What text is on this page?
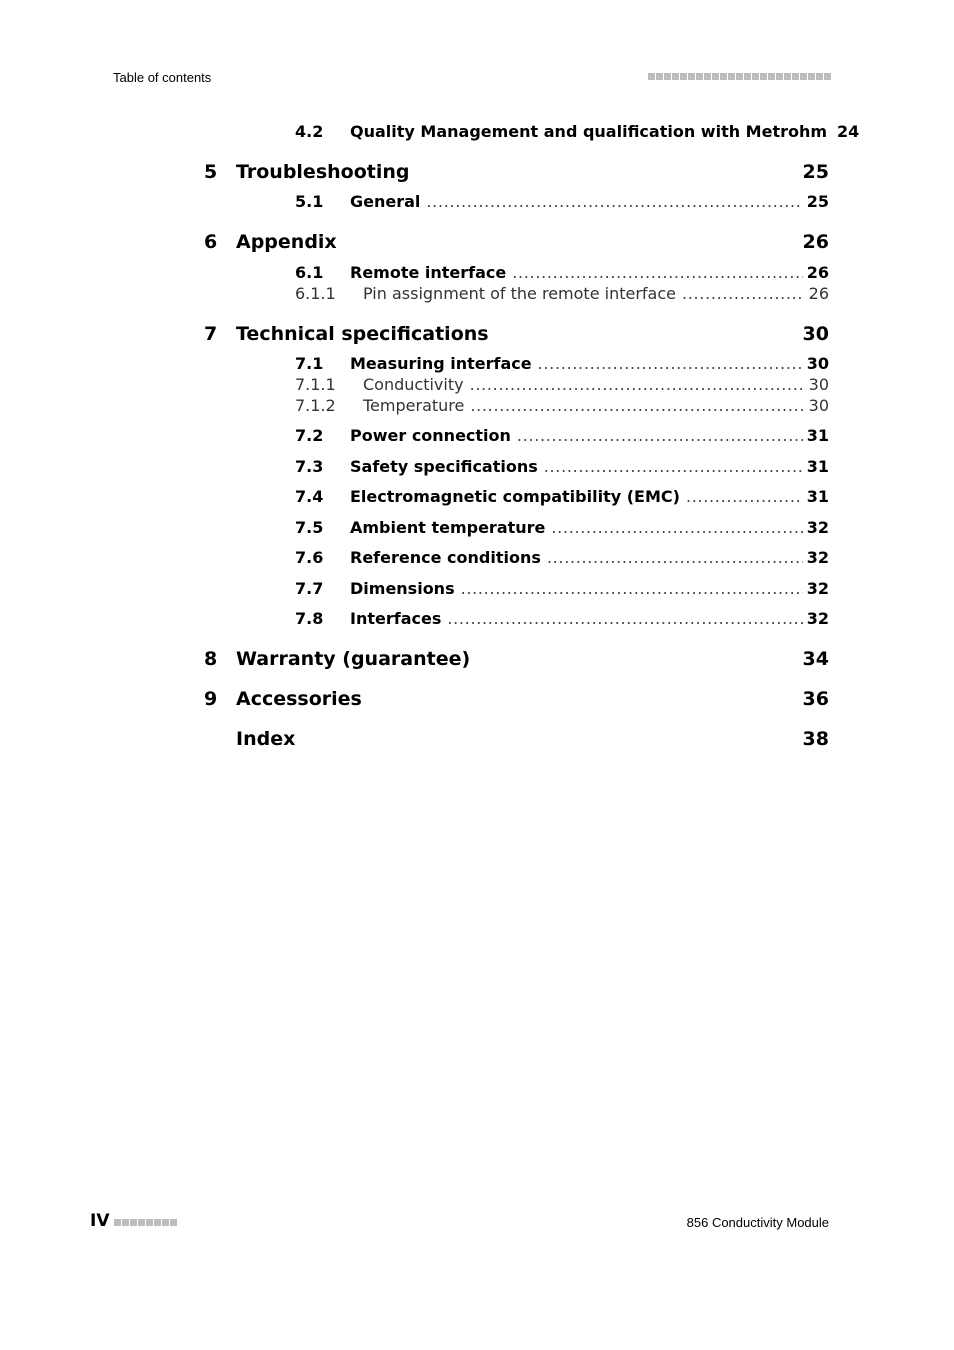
Table of contents
4.2 Quality Management and qualification with Metrohm 24
5 Troubleshooting	25
5.1 General . . .	25
6 Appendix	26
6.1 Remote interface . . .	26
6.1.1 Pin assignment of the remote interface . . .	26
7 Technical specifications	30
7.1 Measuring interface . . .	30
7.1.1 Conductivity . . .	30
7.1.2 Temperature . . .	30
7.2 Power connection . . .	31
7.3 Safety specifications . . .	31
7.4 Electromagnetic compatibility (EMC) . . .	31
7.5 Ambient temperature . . .	32
7.6 Reference conditions . . .	32
7.7 Dimensions . . .	32
7.8 Interfaces . . .	32
8 Warranty (guarantee)	34
9 Accessories	36
Index	38
IV	856 Conductivity Module
